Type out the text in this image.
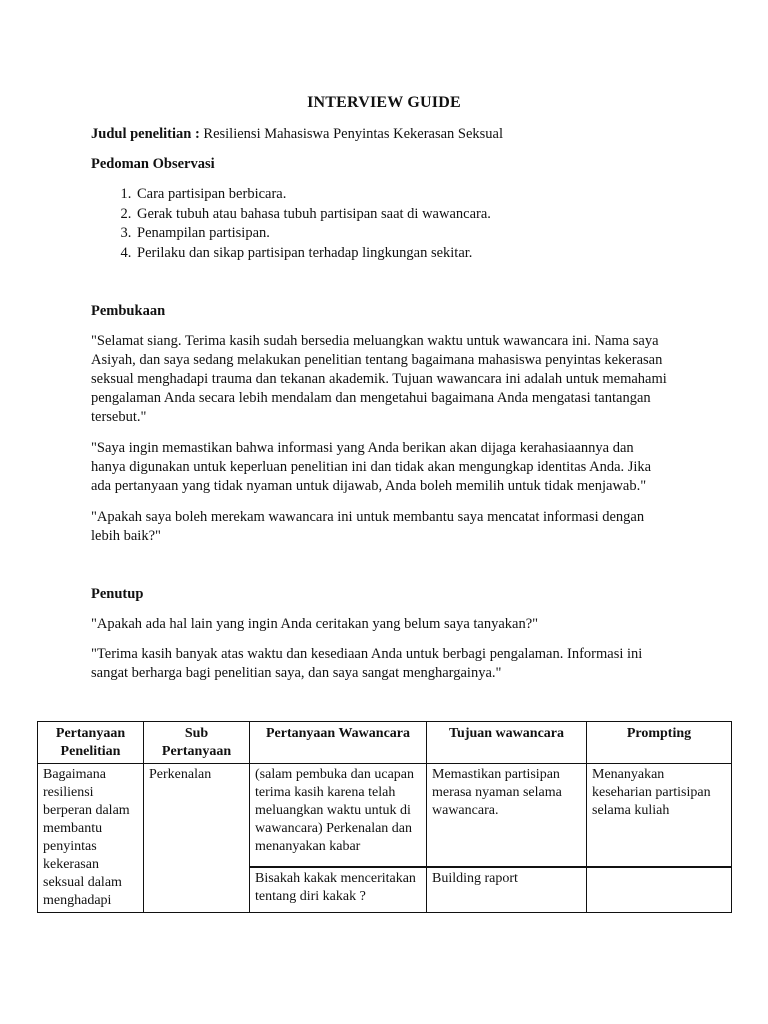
INTERVIEW GUIDE
Judul penelitian : Resiliensi Mahasiswa Penyintas Kekerasan Seksual
Pedoman Observasi
1. Cara partisipan berbicara.
2. Gerak tubuh atau bahasa tubuh partisipan saat di wawancara.
3. Penampilan partisipan.
4. Perilaku dan sikap partisipan terhadap lingkungan sekitar.
Pembukaan

"Selamat siang. Terima kasih sudah bersedia meluangkan waktu untuk wawancara ini. Nama saya Asiyah, dan saya sedang melakukan penelitian tentang bagaimana mahasiswa penyintas kekerasan seksual menghadapi trauma dan tekanan akademik. Tujuan wawancara ini adalah untuk memahami pengalaman Anda secara lebih mendalam dan mengetahui bagaimana Anda mengatasi tantangan tersebut."

"Saya ingin memastikan bahwa informasi yang Anda berikan akan dijaga kerahasiaannya dan hanya digunakan untuk keperluan penelitian ini dan tidak akan mengungkap identitas Anda. Jika ada pertanyaan yang tidak nyaman untuk dijawab, Anda boleh memilih untuk tidak menjawab."

"Apakah saya boleh merekam wawancara ini untuk membantu saya mencatat informasi dengan lebih baik?"

Penutup

"Apakah ada hal lain yang ingin Anda ceritakan yang belum saya tanyakan?"

"Terima kasih banyak atas waktu dan kesediaan Anda untuk berbagi pengalaman. Informasi ini sangat berharga bagi penelitian saya, dan saya sangat menghargainya."

Pertanyaan Penelitian	Sub Pertanyaan	Pertanyaan Wawancara	Tujuan wawancara	Prompting
Bagaimana resiliensi berperan dalam membantu penyintas kekerasan seksual dalam menghadapi	Perkenalan	(salam pembuka dan ucapan terima kasih karena telah meluangkan waktu untuk di wawancara) Perkenalan dan menanyakan kabar	Memastikan partisipan merasa nyaman selama wawancara.	Menanyakan keseharian partisipan selama kuliah
		Bisakah kakak menceritakan tentang diri kakak ?	Building raport	
